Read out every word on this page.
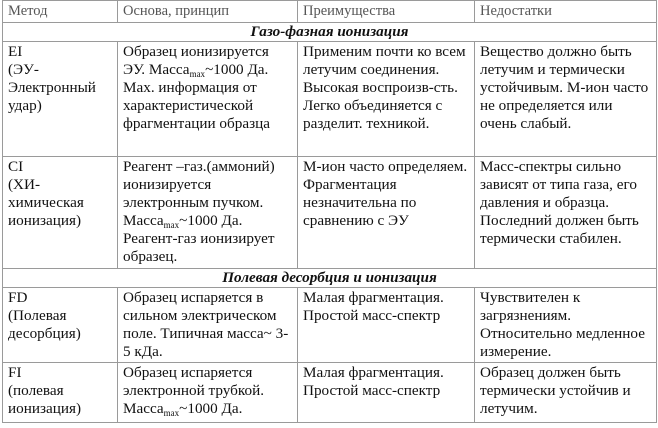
Метод	Основа, принцип	Преимущества	Недостатки
Газо-фазная ионизация			

EI
(ЭУ-
Электронный
удар)	Образец ионизируется ЭУ. Масса$_{max}$~1000 Да. Max. информация от характеристической фрагментации образца	Применим почти ко всем летучим соединения. Высокая воспроизв-сть. Легко объединяется с разделит. техникой.	Вещество должно быть летучим и термически устойчивым. М-ион часто не определяется или очень слабый.

CI
(ХИ-
химическая
ионизация)	Реагент –газ.(аммоний) ионизируется электронным пучком. Масса$_{max}$~1000 Да. Реагент-газ ионизирует образец.	М-ион часто определяем. Фрагментация незначительна по сравнению с ЭУ	Масс-спектры сильно зависят от типа газа, его давления и образца. Последний должен быть термически стабилен.
Полевая десорбция и ионизация			

FD
(Полевая
десорбция)	Образец испаряется в сильном электрическом поле. Типичная масса~ 3-5 кДа.	Малая фрагментация. Простой масс-спектр	Чувствителен к загрязнениям. Относительно медленное измерение.

FI
(полевая
ионизация)	Образец испаряется электронной трубкой. Масса$_{max}$~1000 Да.	Малая фрагментация. Простой масс-спектр	Образец должен быть термически устойчив и летучим.
